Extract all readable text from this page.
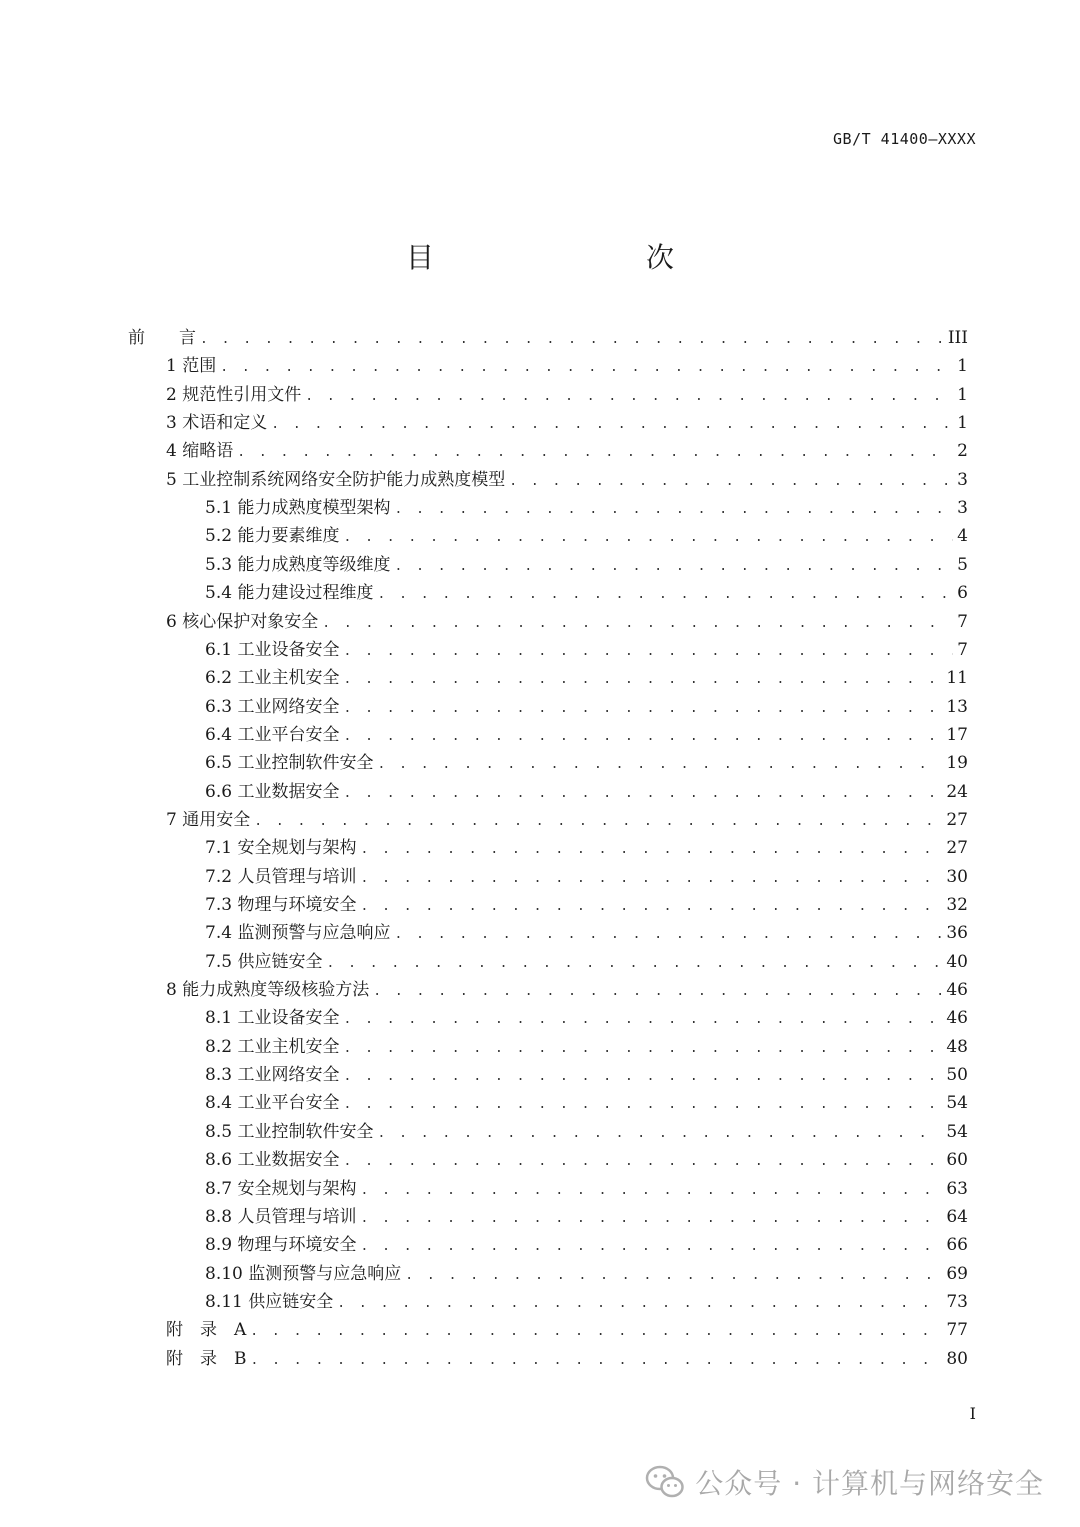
GB/T 41400—XXXX
目　　次
前　　言 . . .	III
1 范围 . . .	1
2 规范性引用文件 . . .	1
3 术语和定义 . . .	1
4 缩略语 . . .	2
5 工业控制系统网络安全防护能力成熟度模型 . . .	3
5.1 能力成熟度模型架构 . . .	3
5.2 能力要素维度 . . .	4
5.3 能力成熟度等级维度 . . .	5
5.4 能力建设过程维度 . . .	6
6 核心保护对象安全 . . .	7
6.1 工业设备安全 . . .	7
6.2 工业主机安全 . . .	11
6.3 工业网络安全 . . .	13
6.4 工业平台安全 . . .	17
6.5 工业控制软件安全 . . .	19
6.6 工业数据安全 . . .	24
7 通用安全 . . .	27
7.1 安全规划与架构 . . .	27
7.2 人员管理与培训 . . .	30
7.3 物理与环境安全 . . .	32
7.4 监测预警与应急响应 . . .	36
7.5 供应链安全 . . .	40
8 能力成熟度等级核验方法 . . .	46
8.1 工业设备安全 . . .	46
8.2 工业主机安全 . . .	48
8.3 工业网络安全 . . .	50
8.4 工业平台安全 . . .	54
8.5 工业控制软件安全 . . .	54
8.6 工业数据安全 . . .	60
8.7 安全规划与架构 . . .	63
8.8 人员管理与培训 . . .	64
8.9 物理与环境安全 . . .	66
8.10 监测预警与应急响应 . . .	69
8.11 供应链安全 . . .	73
附　录　A . . .	77
附　录　B . . .	80
I
公众号 · 计算机与网络安全
